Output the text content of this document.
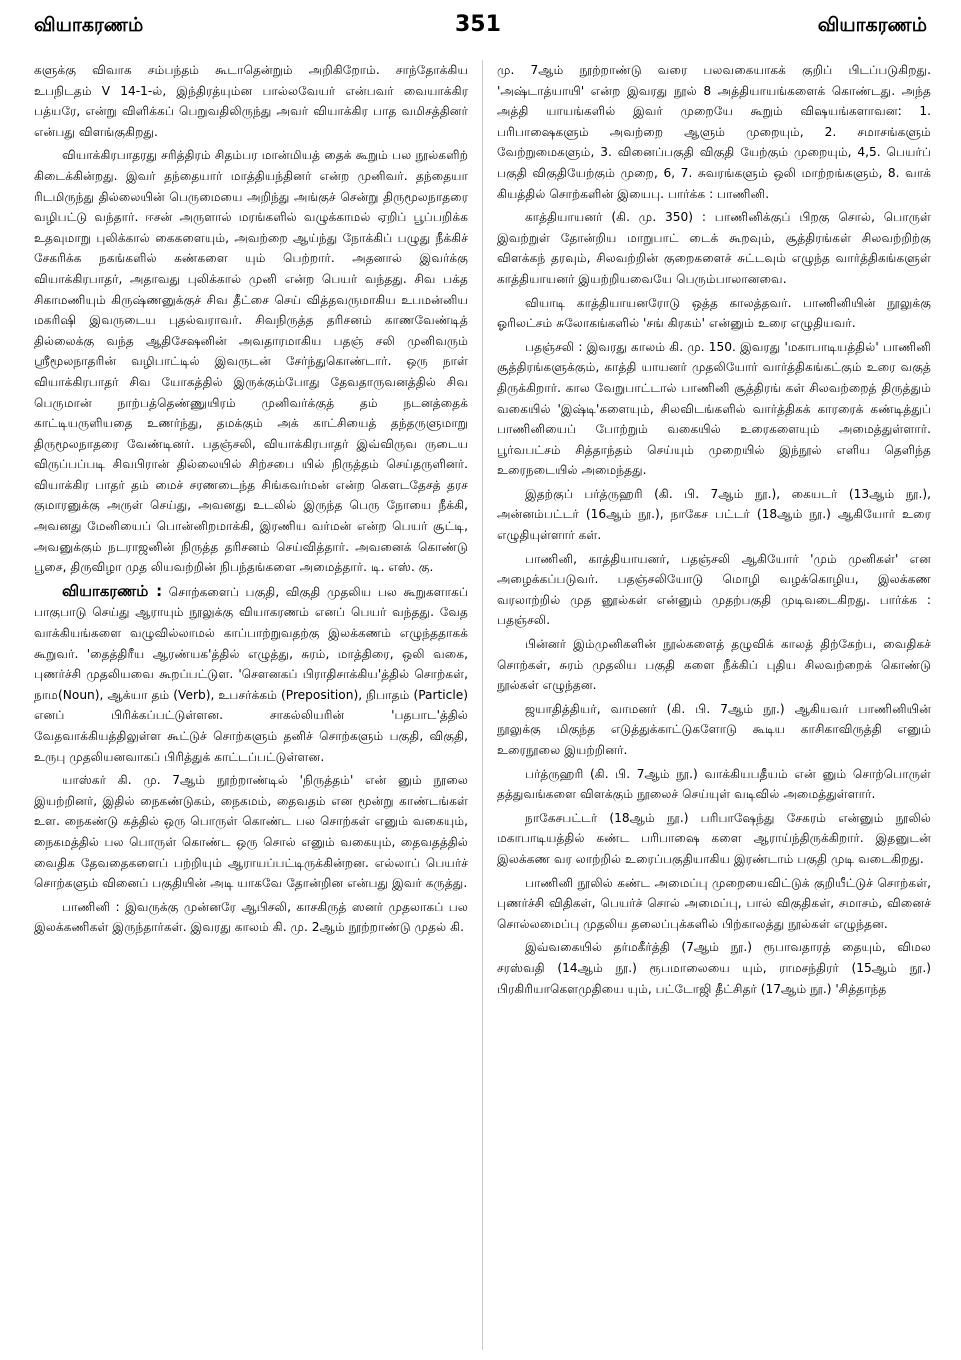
வியாகரணம்	351	வியாகரணம்

களுக்கு விவாக சம்பந்தம் கூடாதென்றும் அறிகிறோம். சாந்தோக்கிய உபநிடதம் V 14-1-ல், இந்திரத்யும்ன பால்லவேயர் என்பவர் வையாக்கிர பத்யரே, என்று விளிக்கப் பெறுவதிலிருந்து அவர் வியாக்கிர பாத வமிசத்தினர் என்பது விளங்குகிறது.

வியாக்கிரபாதரது சரித்திரம் சிதம்பர மான்மியத் தைக் கூறும் பல நூல்களிற் கிடைக்கின்றது. இவர் தந்தையார் மாத்தியந்தினர் என்ற முனிவர். தந்தையா ரிடமிருந்து தில்லையின் பெருமையை அறிந்து அங்குச் சென்று திருமூலநாதரை வழிபட்டு வந்தார். ஈசன் அருளால் மரங்களில் வழுக்காமல் ஏறிப் பூப்பறிக்க உதவுமாறு புலிக்கால் கைகளையும், அவற்றை ஆய்ந்து நோக்கிப் பழுது நீக்கிச் சேகரிக்க நகங்களில் கண்களை யும் பெற்றார். அதனால் இவர்க்கு வியாக்கிரபாதர், அதாவது புலிக்கால் முனி என்ற பெயர் வந்தது. சிவ பக்த சிகாமணியும் கிருஷ்ணனுக்குச் சிவ தீட்சை செய் வித்தவருமாகிய உபமன்னிய மகரிஷி இவருடைய புதல்வராவர். சிவநிருத்த தரிசனம் காணவேண்டித் தில்லைக்கு வந்த ஆதிசேஷனின் அவதாரமாகிய பதஞ் சலி முனிவரும் ஸ்ரீமூலநாதரின் வழிபாட்டில் இவருடன் சேர்ந்துகொண்டார். ஒரு நாள் வியாக்கிரபாதர் சிவ யோகத்தில் இருக்கும்போது தேவதாருவனத்தில் சிவ பெருமான் நாற்பத்தெண்ணுயிரம் முனிவர்க்குத் தம் நடனத்தைக் காட்டியருளியதை உணர்ந்து, தமக்கும் அக் காட்சியைத் தந்தருளுமாறு திருமூலநாதரை வேண்டினர். பதஞ்சலி, வியாக்கிரபாதர் இவ்விருவ ருடைய விருப்பப்படி சிவபிரான் தில்லையில் சிற்சபை யில் நிருத்தம் செய்தருளினர். வியாக்கிர பாதர் தம் மைச் சரணடைந்த சிங்கவர்மன் என்ற கௌடதேசத் தரச குமாரனுக்கு அருள் செய்து, அவனது உடலில் இருந்த பெரு நோயை நீக்கி, அவனது மேனியைப் பொன்னிறமாக்கி, இரணிய வர்மன் என்ற பெயர் சூட்டி, அவனுக்கும் நடராஜனின் நிருத்த தரிசனம் செய்வித்தார். அவனைக் கொண்டு பூசை, திருவிழா முத லியவற்றின் நிபந்தங்களை அமைத்தார். டி. எஸ். கு.

வியாகரணம் : சொற்களைப் பகுதி, விகுதி முதலிய பல கூறுகளாகப் பாகுபாடு செய்து ஆராயும் நூலுக்கு வியாகரணம் எனப் பெயர் வந்தது. வேத வாக்கியங்களை வழுவில்லாமல் காப்பாற்றுவதற்கு இலக்கணம் எழுந்ததாகக் கூறுவர். 'தைத்திரீய ஆரண்யக'த்தில் எழுத்து, சுரம், மாத்திரை, ஒலி வகை, புணர்ச்சி முதலியவை கூறப்பட்டுள. 'சௌனகப் பிராதிசாக்கிய'த்தில் சொற்கள், நாம(Noun), ஆக்யா தம் (Verb), உபசர்க்கம் (Preposition), நிபாதம் (Particle) எனப் பிரிக்கப்பட்டுள்ளன. சாகல்லியரின் 'பதபாட'த்தில் வேதவாக்கியத்திலுள்ள கூட்டுச் சொற்களும் தனிச் சொற்களும் பகுதி, விகுதி, உருபு முதலியனவாகப் பிரித்துக் காட்டப்பட்டுள்ளன.

யாஸ்கர் கி. மு. 7ஆம் நூற்றாண்டில் 'நிருத்தம்' என் னும் நூலை இயற்றினர், இதில் நைகண்டுகம், நைகமம், தைவதம் என மூன்று காண்டங்கள் உள. நைகண்டு கத்தில் ஒரு பொருள் கொண்ட பல சொற்கள் எனும் வகையும், நைகமத்தில் பல பொருள் கொண்ட ஒரு சொல் எனும் வகையும், தைவதத்தில் வைதிக தேவதைகளைப் பற்றியும் ஆராயப்பட்டிருக்கின்றன. எல்லாப் பெயர்ச் சொற்களும் வினைப் பகுதியின் அடி யாகவே தோன்றின என்பது இவர் கருத்து.

பாணினி : இவருக்கு முன்னரே ஆபிசலி, காசகிருத் ஸனர் முதலாகப் பல இலக்கணிகள் இருந்தார்கள். இவரது காலம் கி. மு. 2ஆம் நூற்றாண்டு முதல் கி.

மு. 7ஆம் நூற்றாண்டு வரை பலவகையாகக் குறிப் பிடப்படுகிறது. 'அஷ்டாத்யாயி' என்ற இவரது நூல் 8 அத்தியாயங்களைக் கொண்டது. அந்த அத்தி யாயங்களில் இவர் முறையே கூறும் விஷயங்களாவன: 1. பரிபாஷைகளும் அவற்றை ஆளும் முறையும், 2. சமாசங்களும் வேற்றுமைகளும், 3. வினைப்பகுதி விகுதி யேற்கும் முறையும், 4,5. பெயர்ப் பகுதி விகுதியேற்கும் முறை, 6, 7. சுவரங்களும் ஒலி மாற்றங்களும், 8. வாக் கியத்தில் சொற்களின் இயைபு. பார்க்க : பாணினி.

காத்தியாயனர் (கி. மு. 350) : பாணினிக்குப் பிறகு சொல், பொருள் இவற்றுள் தோன்றிய மாறுபாட் டைக் கூறவும், சூத்திரங்கள் சிலவற்றிற்கு விளக்கந் தரவும், சிலவற்றின் குறைகளைச் சுட்டவும் எழுந்த வார்த்திகங்களுள் காத்தியாயனர் இயற்றியவையே பெரும்பாலானவை.

வியாடி காத்தியாயனரோடு ஒத்த காலத்தவர். பாணினியின் நூலுக்கு ஓரிலட்சம் சுலோகங்களில் 'சங் கிரகம்' என்னும் உரை எழுதியவர்.

பதஞ்சலி : இவரது காலம் கி. மு. 150. இவரது 'மகாபாடியத்தில்' பாணினி சூத்திரங்களுக்கும், காத்தி யாயனர் முதலியோர் வார்த்திகங்கட்கும் உரை வகுத் திருக்கிறார். கால வேறுபாட்டால் பாணினி சூத்திரங் கள் சிலவற்றைத் திருத்தும் வகையில் 'இஷ்டி'களையும், சிலவிடங்களில் வார்த்திகக் காரரைக் கண்டித்துப் பாணினியைப் போற்றும் வகையில் உரைகளையும் அமைத்துள்ளார். பூர்வபட்சம் சித்தாந்தம் செய்யும் முறையில் இந்நூல் எளிய தெளிந்த உரைநடையில் அமைந்தது.

இதற்குப் பர்த்ருஹரி (கி. பி. 7ஆம் நூ.), கையடர் (13ஆம் நூ.), அன்னம்பட்டர் (16ஆம் நூ.), நாகேச பட்டர் (18ஆம் நூ.) ஆகியோர் உரை எழுதியுள்ளார் கள்.

பாணினி, காத்தியாயனர், பதஞ்சலி ஆகியோர் 'மும் முனிகள்' என அழைக்கப்படுவர். பதஞ்சலியோடு மொழி வழக்கொழிய, இலக்கண வரலாற்றில் முத னூல்கள் என்னும் முதற்பகுதி முடிவடைகிறது. பார்க்க : பதஞ்சலி.

பின்னர் இம்முனிகளின் நூல்களைத் தழுவிக் காலத் திற்கேற்ப, வைதிகச் சொற்கள், சுரம் முதலிய பகுதி களை நீக்கிப் புதிய சிலவற்றைக் கொண்டு நூல்கள் எழுந்தன.

ஜயாதித்தியர், வாமனர் (கி. பி. 7ஆம் நூ.) ஆகியவர் பாணினியின் நூலுக்கு மிகுந்த எடுத்துக்காட்டுகளோடு கூடிய காசிகாவிருத்தி எனும் உரைநூலை இயற்றினர்.

பர்த்ருஹரி (கி. பி. 7ஆம் நூ.) வாக்கியபதீயம் என் னும் சொற்பொருள் தத்துவங்களை விளக்கும் நூலைச் செய்யுள் வடிவில் அமைத்துள்ளார்.

நாகேசபட்டர் (18ஆம் நூ.) பரிபாஷேந்து சேகரம் என்னும் நூலில் மகாபாடியத்தில் கண்ட பரிபாஷை களை ஆராய்ந்திருக்கிறார். இதனுடன் இலக்கண வர லாற்றில் உரைப்பகுதியாகிய இரண்டாம் பகுதி முடி வடைகிறது.

பாணினி நூலில் கண்ட அமைப்பு முறையைவிட்டுக் குறியீட்டுச் சொற்கள், புணர்ச்சி விதிகள், பெயர்ச் சொல் அமைப்பு, பால் விகுதிகள், சமாசம், வினைச் சொல்லமைப்பு முதலிய தலைப்புக்களில் பிற்காலத்து நூல்கள் எழுந்தன.

இவ்வகையில் தர்மகீர்த்தி (7ஆம் நூ.) ரூபாவதாரத் தையும், விமல சரஸ்வதி (14ஆம் நூ.) ரூபமாலையை யும், ராமசந்திரர் (15ஆம் நூ.) பிரகிரியாகௌமுதியை யும், பட்டோஜி தீட்சிதர் (17ஆம் நூ.) 'சித்தாந்த
